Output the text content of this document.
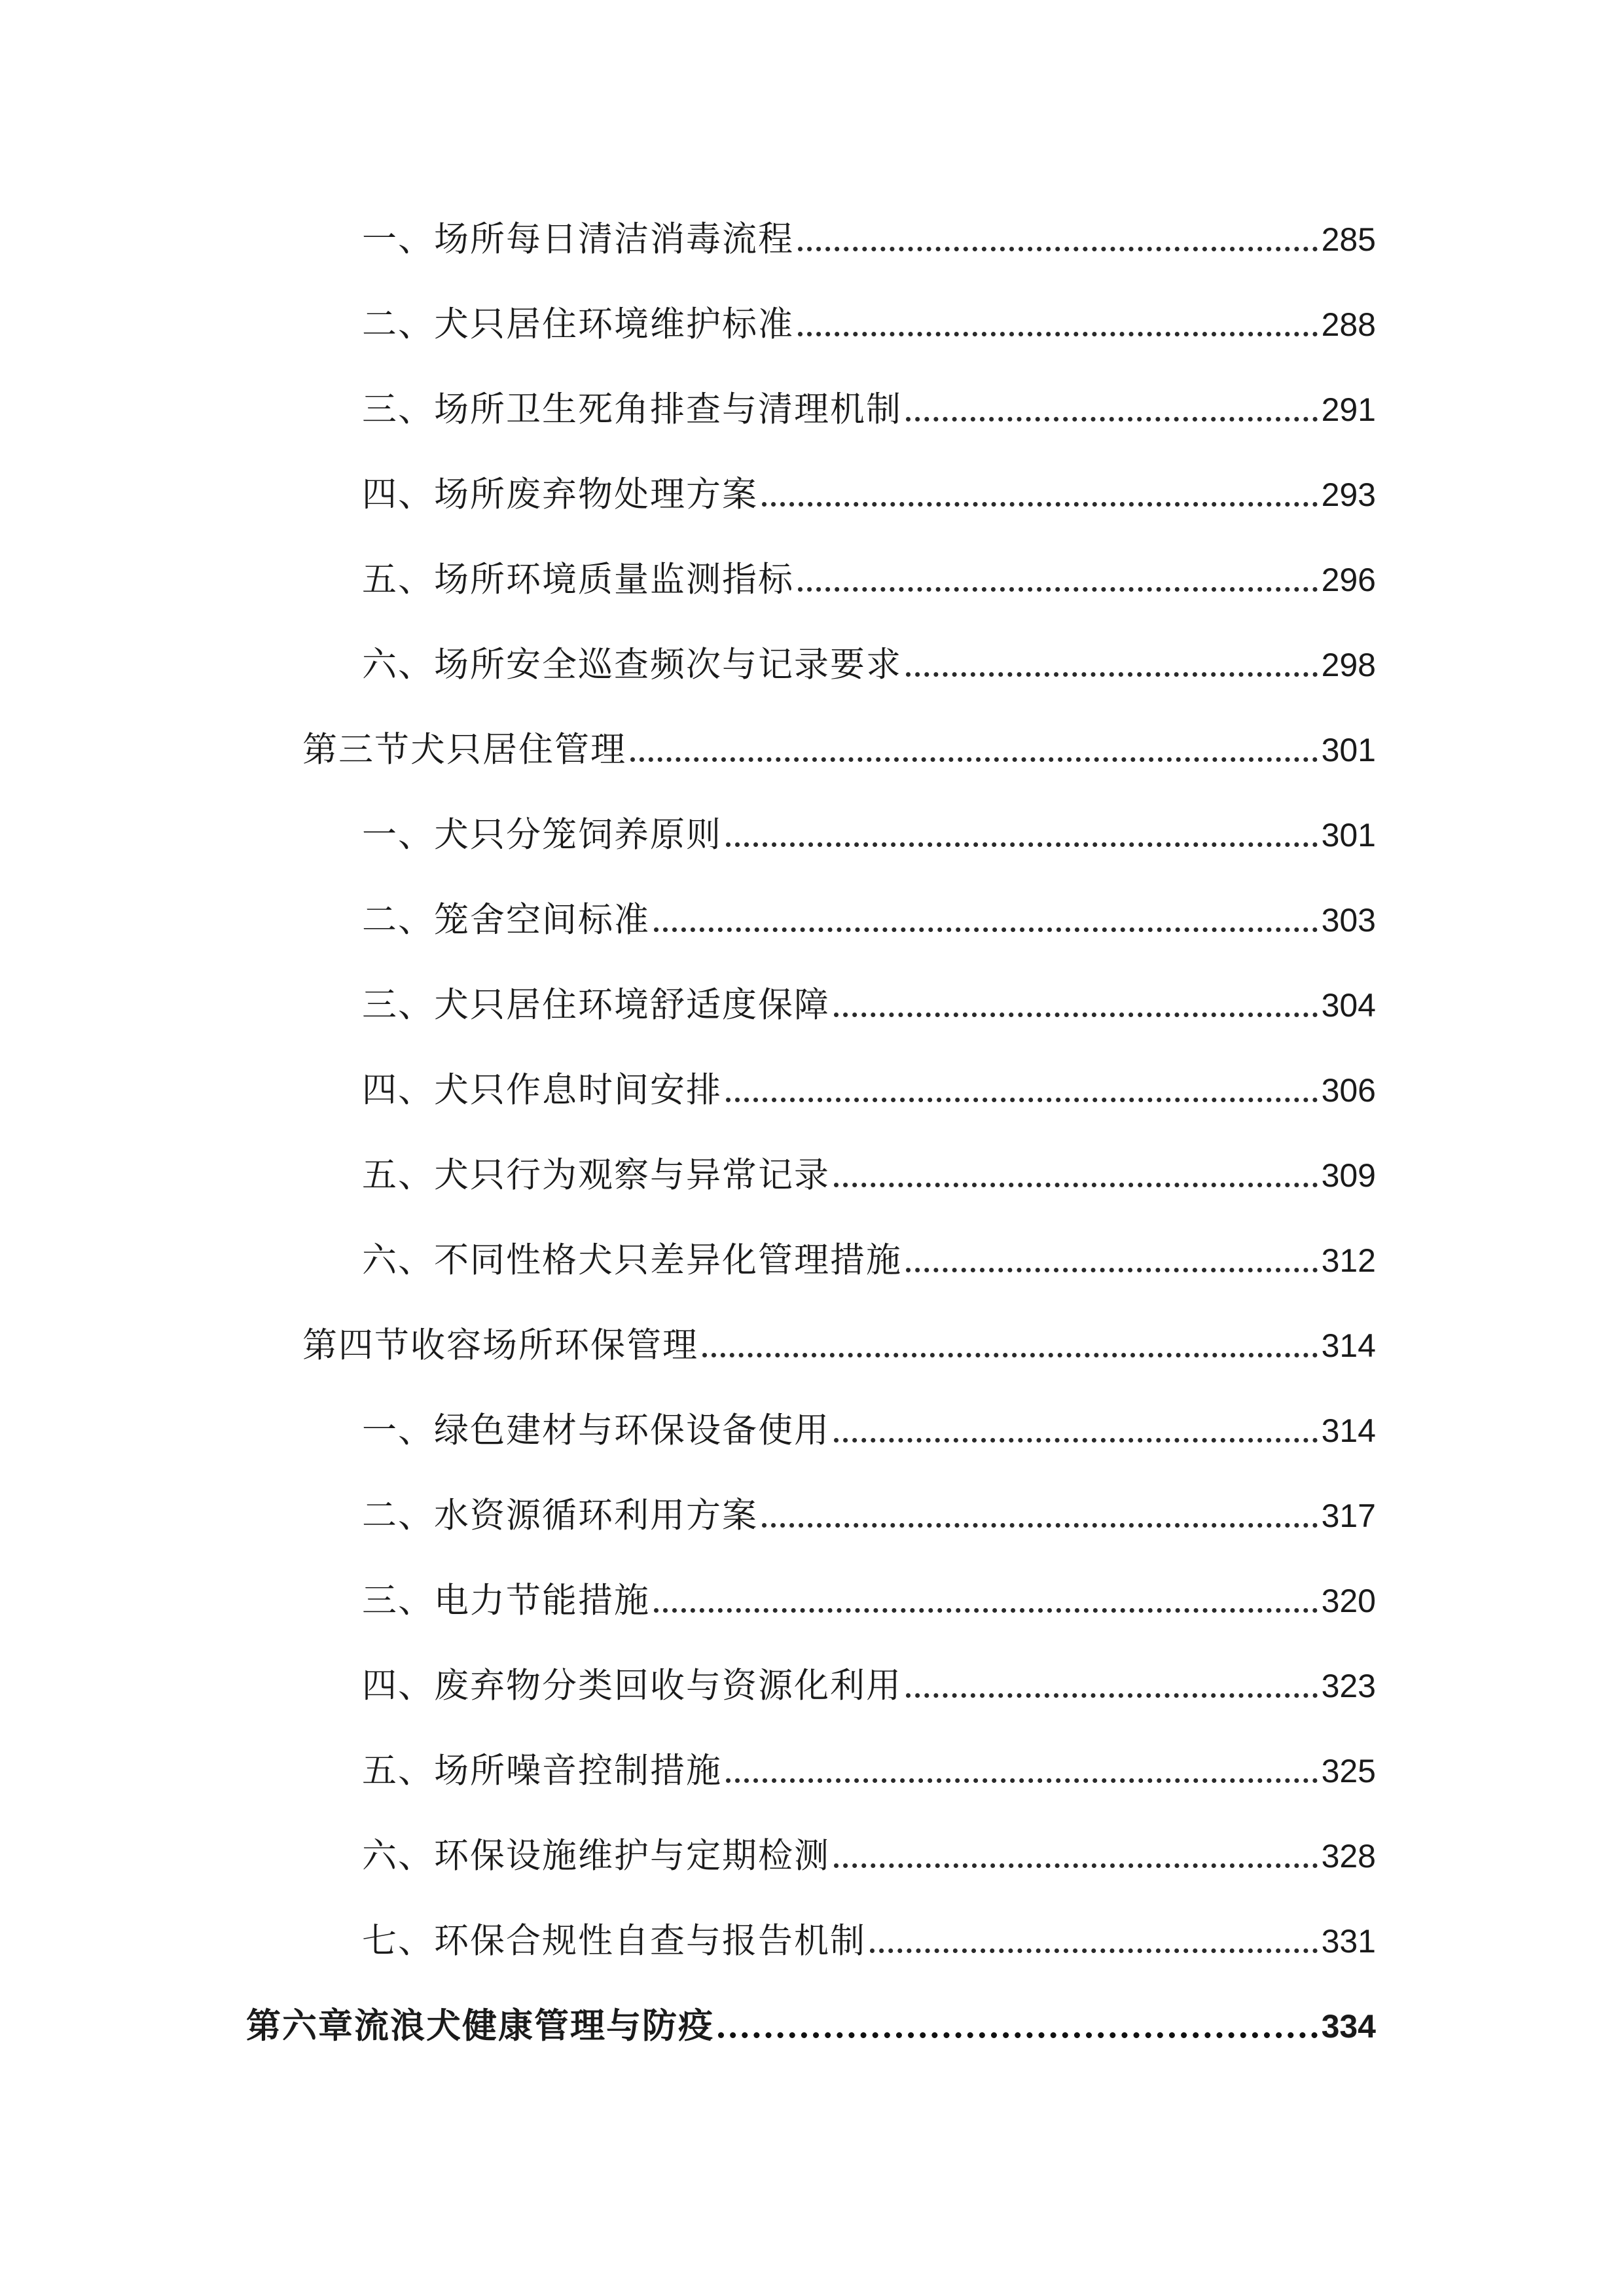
一、场所每日清洁消毒流程	285
二、犬只居住环境维护标准	288
三、场所卫生死角排查与清理机制	291
四、场所废弃物处理方案	293
五、场所环境质量监测指标	296
六、场所安全巡查频次与记录要求	298
第三节犬只居住管理	301
一、犬只分笼饲养原则	301
二、笼舍空间标准	303
三、犬只居住环境舒适度保障	304
四、犬只作息时间安排	306
五、犬只行为观察与异常记录	309
六、不同性格犬只差异化管理措施	312
第四节收容场所环保管理	314
一、绿色建材与环保设备使用	314
二、水资源循环利用方案	317
三、电力节能措施	320
四、废弃物分类回收与资源化利用	323
五、场所噪音控制措施	325
六、环保设施维护与定期检测	328
七、环保合规性自查与报告机制	331
第六章流浪犬健康管理与防疫	334
